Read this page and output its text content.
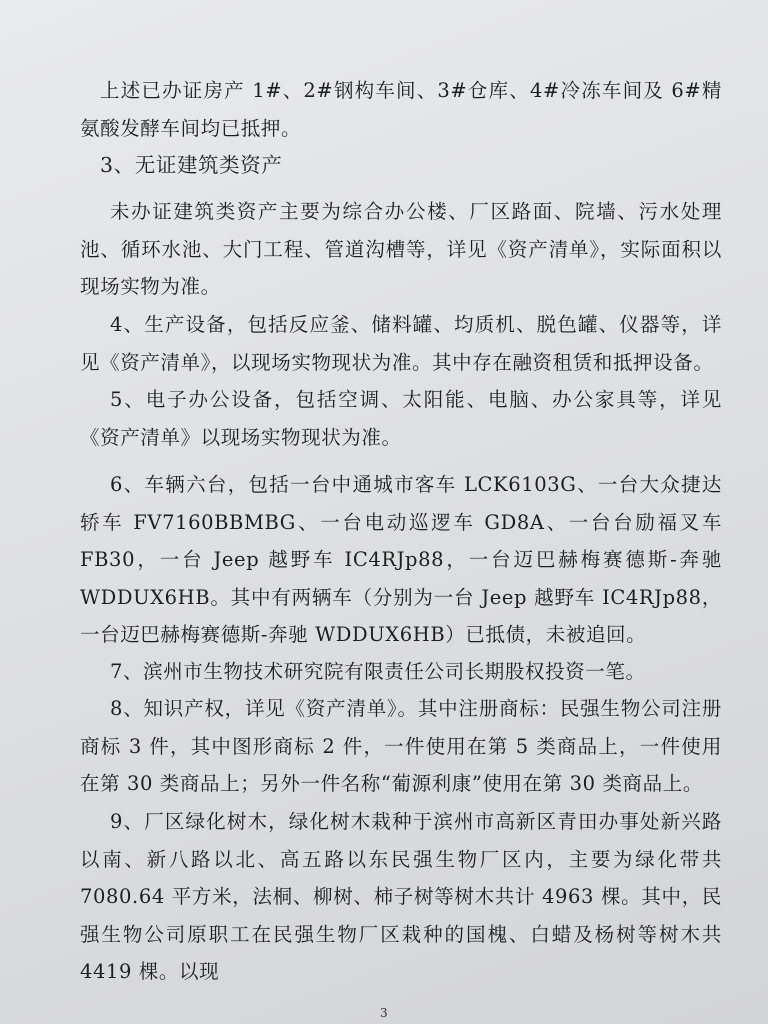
上述已办证房产 1#、2#钢构车间、3#仓库、4#冷冻车间及 6#精氨酸发酵车间均已抵押。

3、无证建筑类资产

未办证建筑类资产主要为综合办公楼、厂区路面、院墙、污水处理池、循环水池、大门工程、管道沟槽等，详见《资产清单》，实际面积以现场实物为准。

4、生产设备，包括反应釜、储料罐、均质机、脱色罐、仪器等，详见《资产清单》，以现场实物现状为准。其中存在融资租赁和抵押设备。

5、电子办公设备，包括空调、太阳能、电脑、办公家具等，详见《资产清单》以现场实物现状为准。

6、车辆六台，包括一台中通城市客车 LCK6103G、一台大众捷达轿车 FV7160BBMBG、一台电动巡逻车 GD8A、一台台励福叉车 FB30，一台 Jeep 越野车 IC4RJp88，一台迈巴赫梅赛德斯-奔驰 WDDUX6HB。其中有两辆车（分别为一台 Jeep 越野车 IC4RJp88，一台迈巴赫梅赛德斯-奔驰 WDDUX6HB）已抵债，未被追回。

7、滨州市生物技术研究院有限责任公司长期股权投资一笔。

8、知识产权，详见《资产清单》。其中注册商标：民强生物公司注册商标 3 件，其中图形商标 2 件，一件使用在第 5 类商品上，一件使用在第 30 类商品上；另外一件名称“葡源利康”使用在第 30 类商品上。

9、厂区绿化树木，绿化树木栽种于滨州市高新区青田办事处新兴路以南、新八路以北、高五路以东民强生物厂区内，主要为绿化带共 7080.64 平方米，法桐、柳树、柿子树等树木共计 4963 棵。其中，民强生物公司原职工在民强生物厂区栽种的国槐、白蜡及杨树等树木共 4419 棵。以现

3
